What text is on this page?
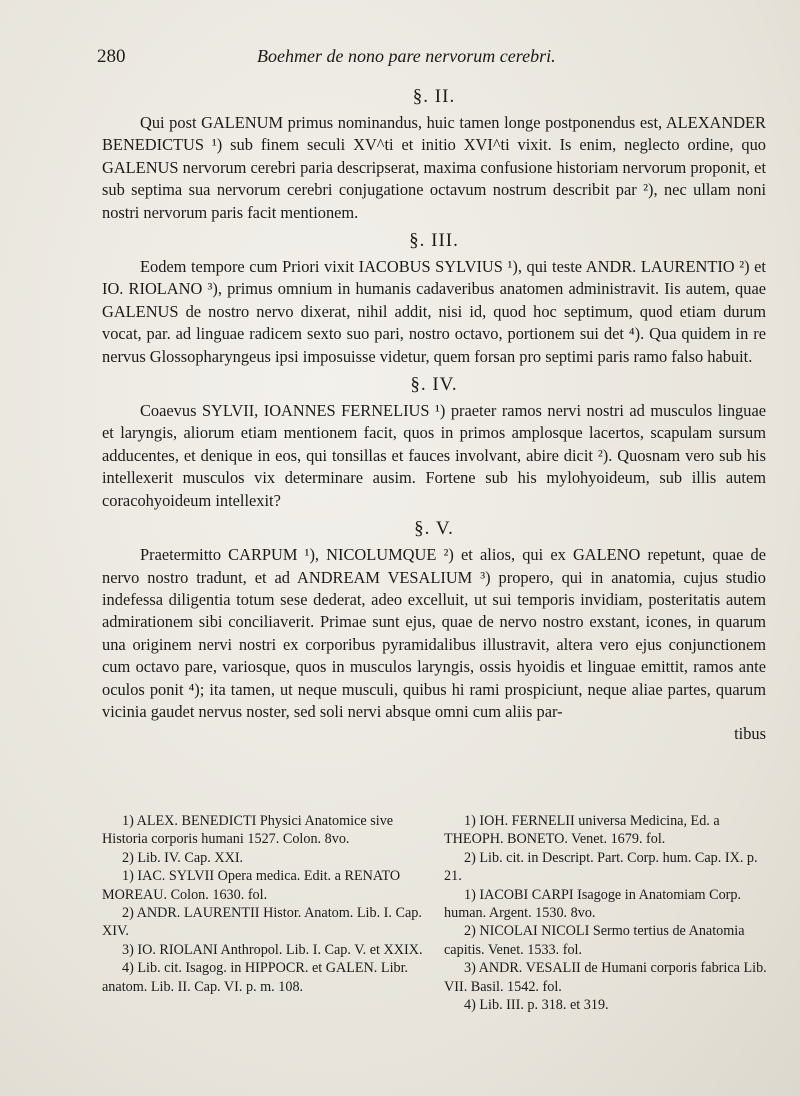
280	Boehmer de nono pare nervorum cerebri.
§. II.

Qui post GALENUM primus nominandus, huic tamen longe postponendus est, ALEXANDER BENEDICTUS ¹) sub finem seculi XV^ti et initio XVI^ti vixit. Is enim, neglecto ordine, quo GALENUS nervorum cerebri paria descripserat, maxima confusione historiam nervorum proponit, et sub septima sua nervorum cerebri conjugatione octavum nostrum describit par ²), nec ullam noni nostri nervorum paris facit mentionem.

§. III.

Eodem tempore cum Priori vixit IACOBUS SYLVIUS ¹), qui teste ANDR. LAURENTIO ²) et IO. RIOLANO ³), primus omnium in humanis cadaveribus anatomen administravit. Iis autem, quae GALENUS de nostro nervo dixerat, nihil addit, nisi id, quod hoc septimum, quod etiam durum vocat, par. ad linguae radicem sexto suo pari, nostro octavo, portionem sui det ⁴). Qua quidem in re nervus Glossopharyngeus ipsi imposuisse videtur, quem forsan pro septimi paris ramo falso habuit.

§. IV.

Coaevus SYLVII, IOANNES FERNELIUS ¹) praeter ramos nervi nostri ad musculos linguae et laryngis, aliorum etiam mentionem facit, quos in primos amplosque lacertos, scapulam sursum adducentes, et denique in eos, qui tonsillas et fauces involvant, abire dicit ²). Quosnam vero sub his intellexerit musculos vix determinare ausim. Fortene sub his mylohyoideum, sub illis autem coracohyoideum intellexit?

§. V.

Praetermitto CARPUM ¹), NICOLUMQUE ²) et alios, qui ex GALENO repetunt, quae de nervo nostro tradunt, et ad ANDREAM VESALIUM ³) propero, qui in anatomia, cujus studio indefessa diligentia totum sese dederat, adeo excelluit, ut sui temporis invidiam, posteritatis autem admirationem sibi conciliaverit. Primae sunt ejus, quae de nervo nostro exstant, icones, in quarum una originem nervi nostri ex corporibus pyramidalibus illustravit, altera vero ejus conjunctionem cum octavo pare, variosque, quos in musculos laryngis, ossis hyoidis et linguae emittit, ramos ante oculos ponit ⁴); ita tamen, ut neque musculi, quibus hi rami prospiciunt, neque aliae partes, quarum vicinia gaudet nervus noster, sed soli nervi absque omni cum aliis par-

tibus

1) ALEX. BENEDICTI Physici Anatomice sive Historia corporis humani 1527. Colon. 8vo.

2) Lib. IV. Cap. XXI.

1) IAC. SYLVII Opera medica. Edit. a RENATO MOREAU. Colon. 1630. fol.

2) ANDR. LAURENTII Histor. Anatom. Lib. I. Cap. XIV.

3) IO. RIOLANI Anthropol. Lib. I. Cap. V. et XXIX.

4) Lib. cit. Isagog. in HIPPOCR. et GALEN. Libr. anatom. Lib. II. Cap. VI. p. m. 108.

1) IOH. FERNELII universa Medicina, Ed. a THEOPH. BONETO. Venet. 1679. fol.

2) Lib. cit. in Descript. Part. Corp. hum. Cap. IX. p. 21.

1) IACOBI CARPI Isagoge in Anatomiam Corp. human. Argent. 1530. 8vo.

2) NICOLAI NICOLI Sermo tertius de Anatomia capitis. Venet. 1533. fol.

3) ANDR. VESALII de Humani corporis fabrica Lib. VII. Basil. 1542. fol.

4) Lib. III. p. 318. et 319.
